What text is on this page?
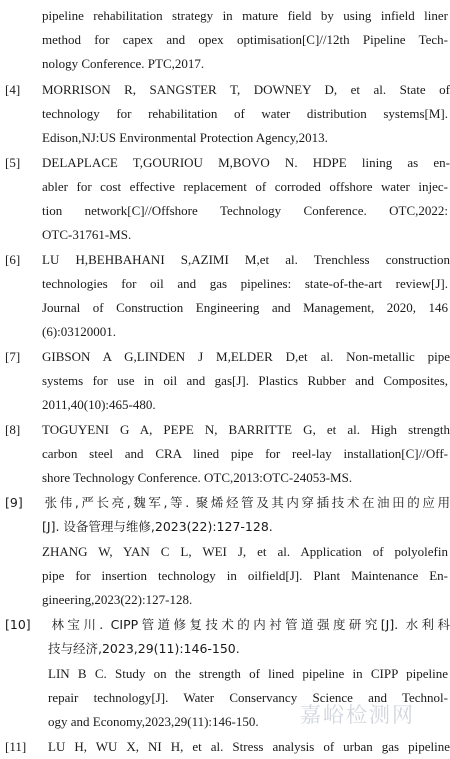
pipeline rehabilitation strategy in mature field by using infield liner
method for capex and opex optimisation[C]//12th Pipeline Tech-
nology Conference. PTC,2017.
[4] MORRISON R, SANGSTER T, DOWNEY D, et al. State of
technology for rehabilitation of water distribution systems[M].
Edison,NJ:US Environmental Protection Agency,2013.
[5] DELAPLACE T,GOURIOU M,BOVO N. HDPE lining as en-
abler for cost effective replacement of corroded offshore water injec-
tion network[C]//Offshore Technology Conference. OTC,2022:
OTC-31761-MS.
[6] LU H,BEHBAHANI S,AZIMI M,et al. Trenchless construction
technologies for oil and gas pipelines: state-of-the-art review[J].
Journal of Construction Engineering and Management, 2020, 146
(6):03120001.
[7] GIBSON A G,LINDEN J M,ELDER D,et al. Non-metallic pipe
systems for use in oil and gas[J]. Plastics Rubber and Composites,
2011,40(10):465-480.
[8] TOGUYENI G A, PEPE N, BARRITTE G, et al. High strength
carbon steel and CRA lined pipe for reel-lay installation[C]//Off-
shore Technology Conference. OTC,2013:OTC-24053-MS.
[9] 张伟,严长亮,魏军,等. 聚烯烃管及其内穿插技术在油田的应用
[J]. 设备管理与维修,2023(22):127-128.
ZHANG W, YAN C L, WEI J, et al. Application of polyolefin
pipe for insertion technology in oilfield[J]. Plant Maintenance En-
gineering,2023(22):127-128.
[10] 林宝川. CIPP管道修复技术的内衬管道强度研究[J]. 水利科
技与经济,2023,29(11):146-150.
LIN B C. Study on the strength of lined pipeline in CIPP pipeline
repair technology[J]. Water Conservancy Science and Technol-
ogy and Economy,2023,29(11):146-150.
[11] LU H, WU X, NI H, et al. Stress analysis of urban gas pipeline
嘉峪检测网
